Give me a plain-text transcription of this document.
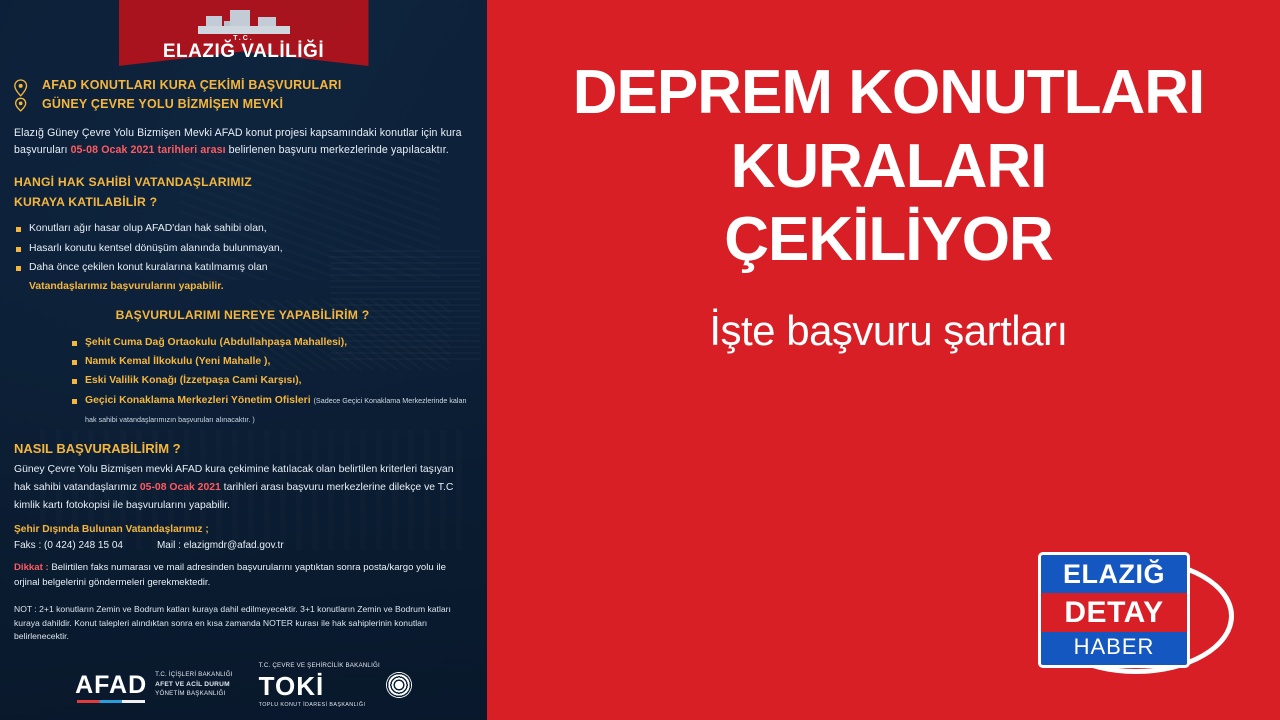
T.C.
ELAZIĞ VALİLİĞİ
AFAD KONUTLARI KURA ÇEKİMİ BAŞVURULARI
GÜNEY ÇEVRE YOLU BİZMİŞEN MEVKİ

Elazığ Güney Çevre Yolu Bizmişen Mevki AFAD konut projesi kapsamındaki konutlar için kura başvuruları 05-08 Ocak 2021 tarihleri arası belirlenen başvuru merkezlerinde yapılacaktır.

HANGİ HAK SAHİBİ VATANDAŞLARIMIZ
KURAYA KATILABİLİR ?
Konutları ağır hasar olup AFAD'dan hak sahibi olan,
Hasarlı konutu kentsel dönüşüm alanında bulunmayan,
Daha önce çekilen konut kuralarına katılmamış olan
Vatandaşlarımız başvurularını yapabilir.
BAŞVURULARIMI NEREYE YAPABİLİRİM ?
Şehit Cuma Dağ Ortaokulu (Abdullahpaşa Mahallesi),
Namık Kemal İlkokulu (Yeni Mahalle ),
Eski Valilik Konağı (İzzetpaşa Cami Karşısı),
Geçici Konaklama Merkezleri Yönetim Ofisleri (Sadece Geçici Konaklama Merkezlerinde kalan hak sahibi vatandaşlarımızın başvuruları alınacaktır. )
NASIL BAŞVURABİLİRİM ?

Güney Çevre Yolu Bizmişen mevki AFAD kura çekimine katılacak olan belirtilen kriterleri taşıyan hak sahibi vatandaşlarımız 05-08 Ocak 2021 tarihleri arası başvuru merkezlerine dilekçe ve T.C kimlik kartı fotokopisi ile başvurularını yapabilir.

Şehir Dışında Bulunan Vatandaşlarımız ;
Faks : (0 424) 248 15 04	Mail : elazigmdr@afad.gov.tr

Dikkat : Belirtilen faks numarası ve mail adresinden başvurularını yaptıktan sonra posta/kargo yolu ile orjinal belgelerini göndermeleri gerekmektedir.

NOT : 2+1 konutların Zemin ve Bodrum katları kuraya dahil edilmeyecektir. 3+1 konutların Zemin ve Bodrum katları kuraya dahildir. Konut talepleri alındıktan sonra en kısa zamanda NOTER kurası ile hak sahiplerinin konutları belirlenecektir.

AFAD T.C. İÇİŞLERİ BAKANLIĞI

AFET VE ACİL DURUM
YÖNETİM BAŞKANLIĞI
T.C. ÇEVRE VE ŞEHİRCİLİK BAKANLIĞI
TOKİ
TOPLU KONUT İDARESİ BAŞKANLIĞI
DEPREM KONUTLARI
KURALARI
ÇEKİLİYOR
İşte başvuru şartları
ELAZIĞ
DETAY
HABER
